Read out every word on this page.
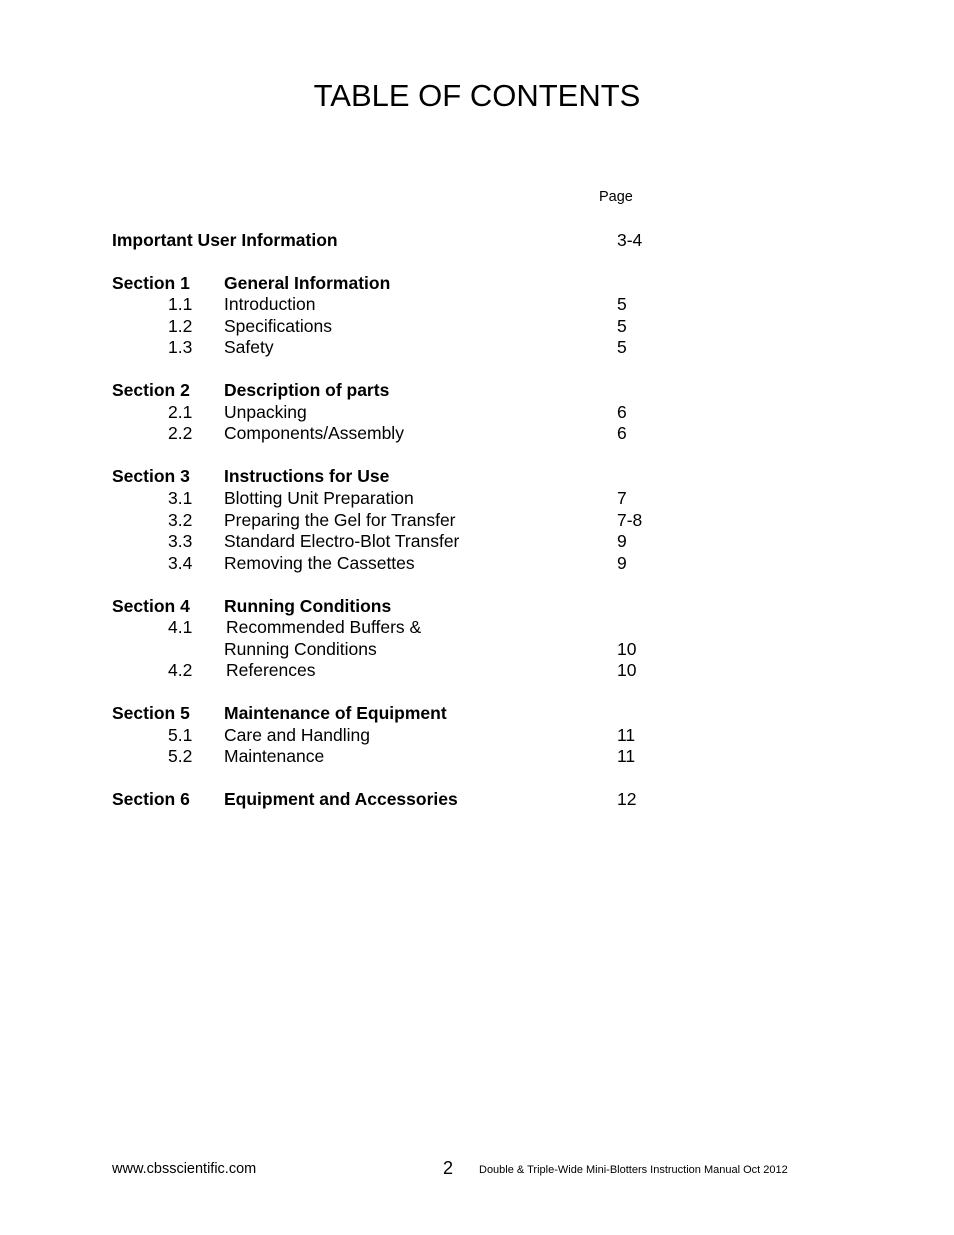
TABLE OF CONTENTS
Page
Important User Information	3-4
Section 1 General Information
1.1 Introduction	5
1.2 Specifications	5
1.3 Safety	5
Section 2 Description of parts
2.1 Unpacking	6
2.2 Components/Assembly	6
Section 3 Instructions for Use
3.1 Blotting Unit Preparation	7
3.2 Preparing the Gel for Transfer	7-8
3.3 Standard Electro-Blot Transfer	9
3.4 Removing the Cassettes	9
Section 4 Running Conditions
4.1 Recommended Buffers &
Running Conditions	10
4.2 References	10
Section 5 Maintenance of Equipment
5.1 Care and Handling	11
5.2 Maintenance	11
Section 6 Equipment and Accessories	12
www.cbsscientific.com	2 Double & Triple-Wide Mini-Blotters Instruction Manual Oct 2012
